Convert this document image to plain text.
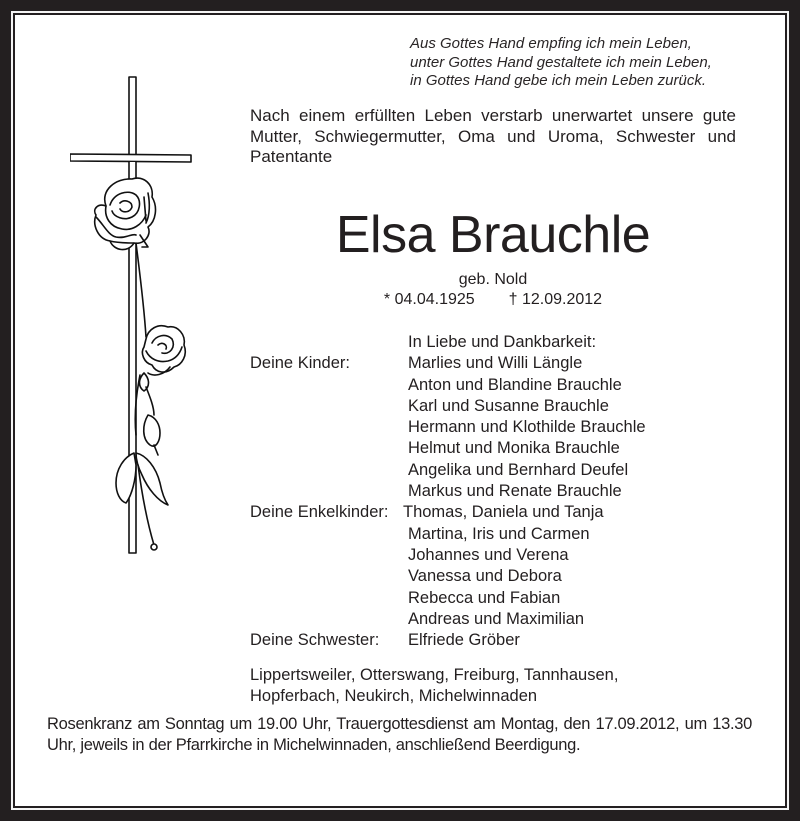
Aus Gottes Hand empfing ich mein Leben,
unter Gottes Hand gestaltete ich mein Leben,
in Gottes Hand gebe ich mein Leben zurück.
Nach einem erfüllten Leben verstarb unerwartet unsere gute Mutter, Schwiegermutter, Oma und Uroma, Schwester und Patentante
Elsa Brauchle
geb. Nold
* 04.04.1925 † 12.09.2012
In Liebe und Dankbarkeit:
Deine Kinder:	Marlies und Willi Längle
Anton und Blandine Brauchle
Karl und Susanne Brauchle
Hermann und Klothilde Brauchle
Helmut und Monika Brauchle
Angelika und Bernhard Deufel
Markus und Renate Brauchle
Deine Enkelkinder: Thomas, Daniela und Tanja
Martina, Iris und Carmen
Johannes und Verena
Vanessa und Debora
Rebecca und Fabian
Andreas und Maximilian
Deine Schwester:	Elfriede Gröber
Lippertsweiler, Otterswang, Freiburg, Tannhausen,
Hopferbach, Neukirch, Michelwinnaden
Rosenkranz am Sonntag um 19.00 Uhr, Trauergottesdienst am Montag, den 17.09.2012, um 13.30 Uhr, jeweils in der Pfarrkirche in Michelwinnaden, anschließend Beerdigung.
